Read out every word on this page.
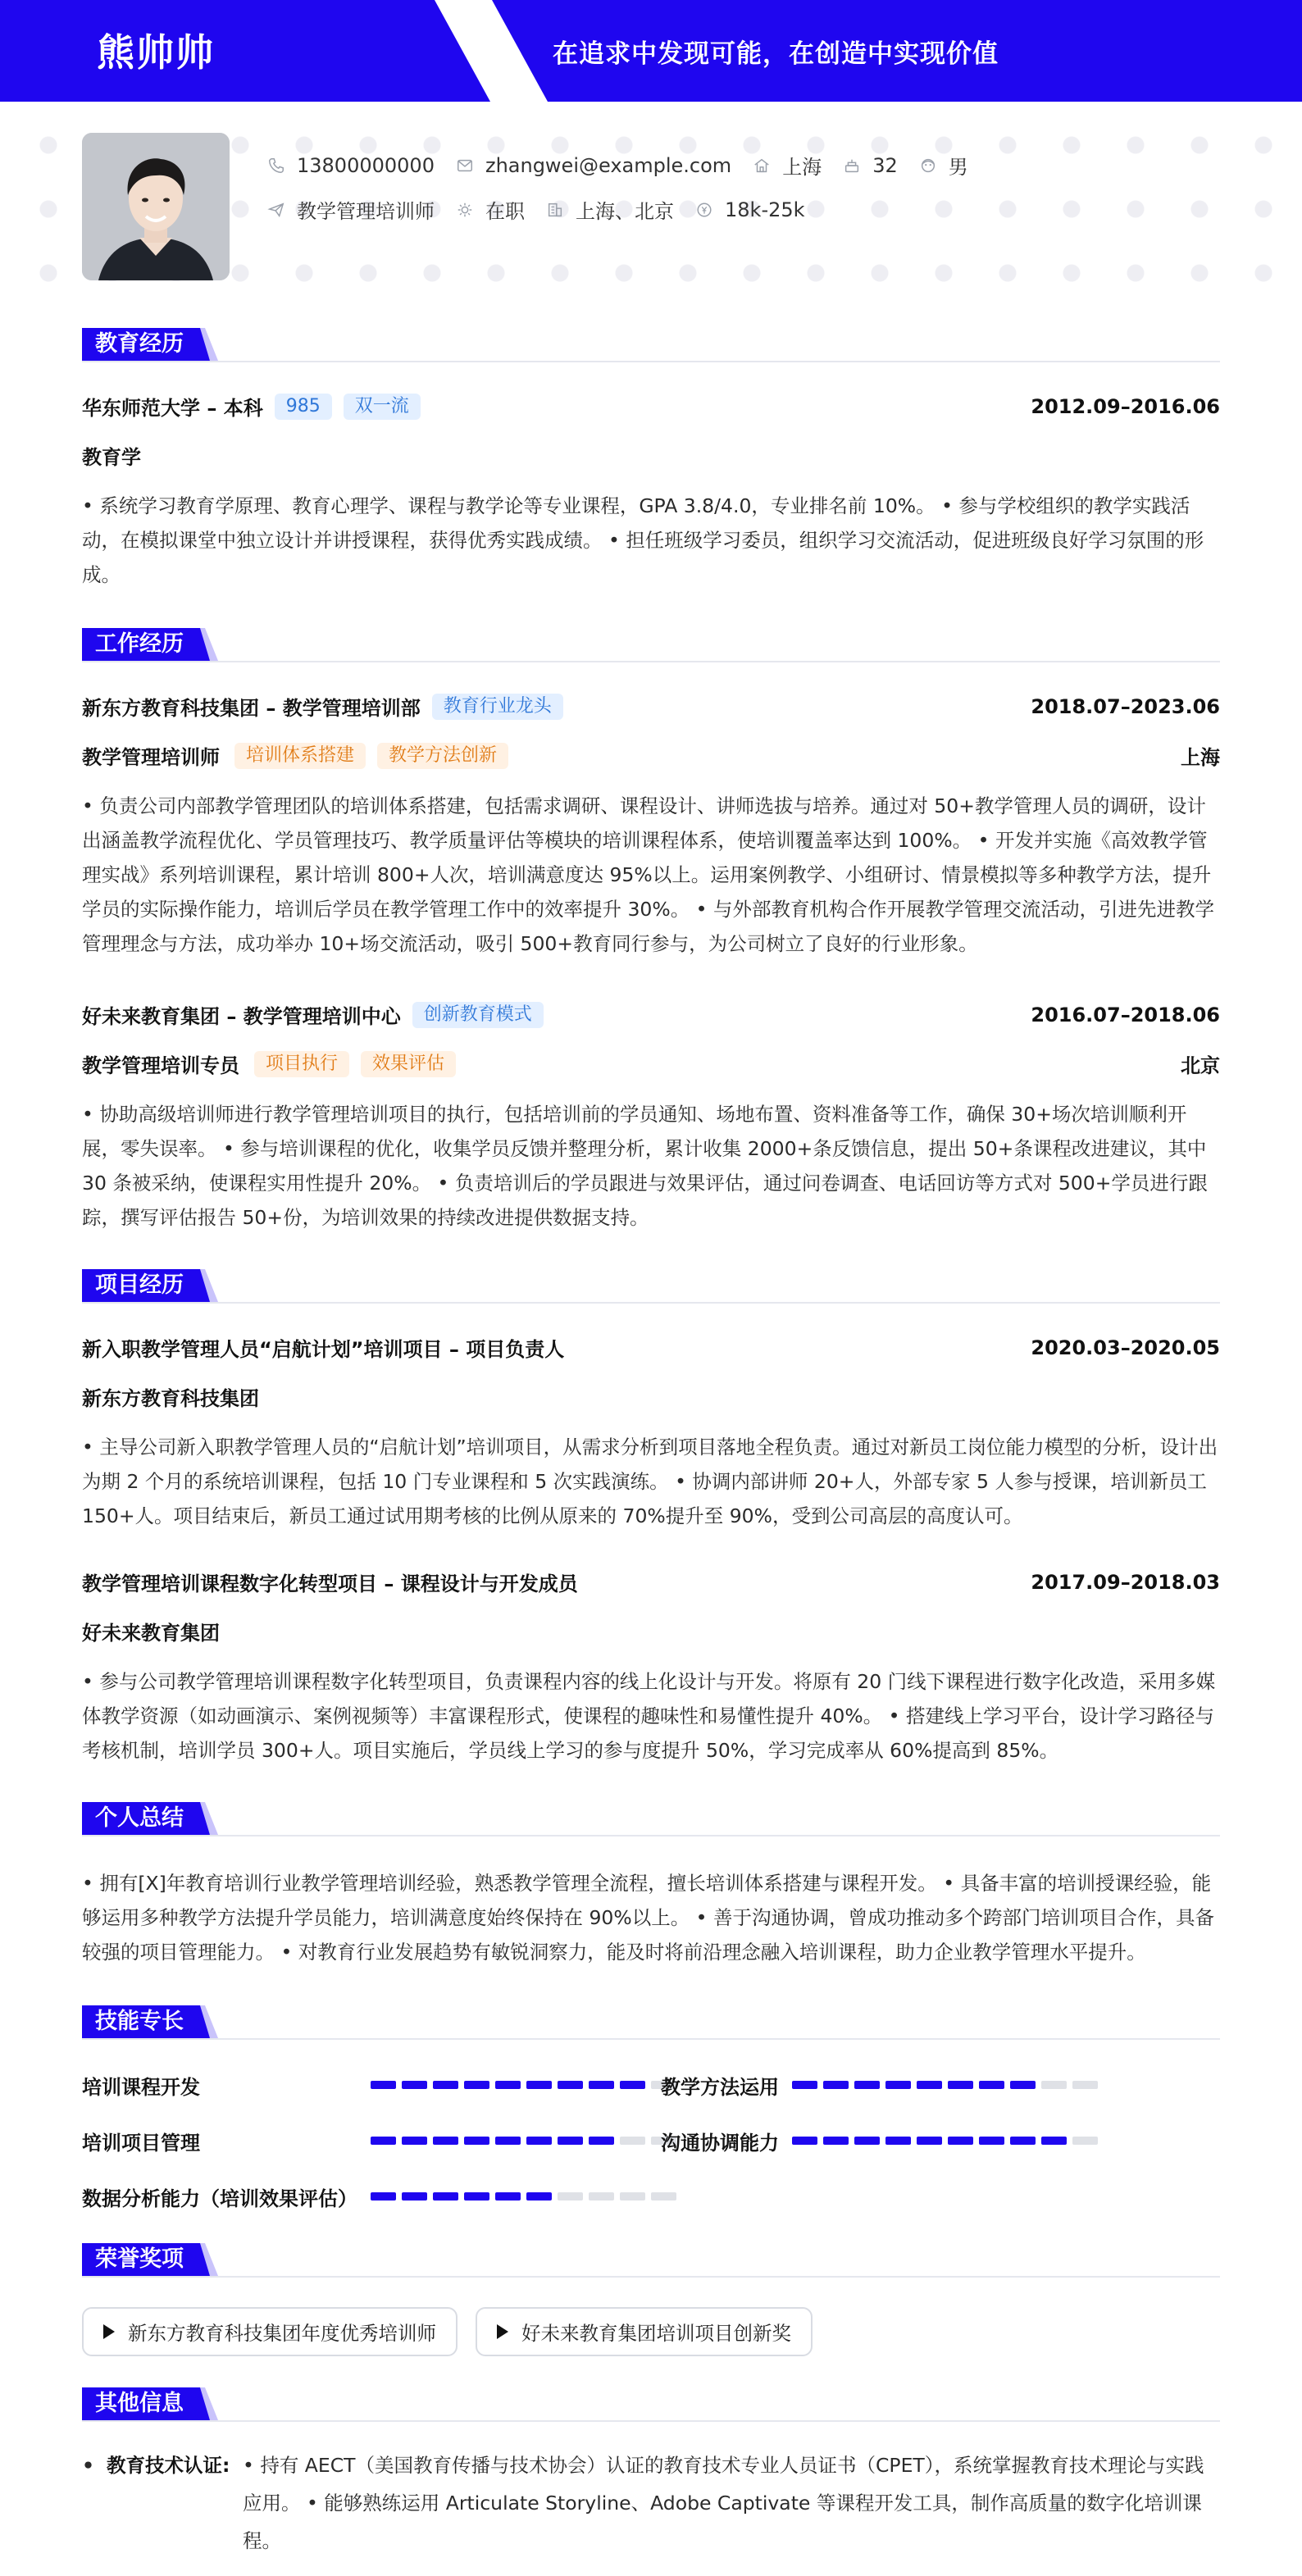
熊帅帅	在追求中发现可能，在创造中实现价值
13800000000	zhangwei@example.com	上海	32	男
教学管理培训师	在职	上海、北京	18k-25k
教育经历
华东师范大学 – 本科	985	双一流	2012.09–2016.06
教育学
• 系统学习教育学原理、教育心理学、课程与教学论等专业课程，GPA 3.8/4.0，专业排名前 10%。 • 参与学校组织的教学实践活动，在模拟课堂中独立设计并讲授课程，获得优秀实践成绩。 • 担任班级学习委员，组织学习交流活动，促进班级良好学习氛围的形成。
工作经历
新东方教育科技集团 – 教学管理培训部	教育行业龙头	2018.07–2023.06
教学管理培训师	培训体系搭建	教学方法创新	上海
• 负责公司内部教学管理团队的培训体系搭建，包括需求调研、课程设计、讲师选拔与培养。通过对 50+教学管理人员的调研，设计出涵盖教学流程优化、学员管理技巧、教学质量评估等模块的培训课程体系，使培训覆盖率达到 100%。 • 开发并实施《高效教学管理实战》系列培训课程，累计培训 800+人次，培训满意度达 95%以上。运用案例教学、小组研讨、情景模拟等多种教学方法，提升学员的实际操作能力，培训后学员在教学管理工作中的效率提升 30%。 • 与外部教育机构合作开展教学管理交流活动，引进先进教学管理理念与方法，成功举办 10+场交流活动，吸引 500+教育同行参与，为公司树立了良好的行业形象。
好未来教育集团 – 教学管理培训中心	创新教育模式	2016.07–2018.06
教学管理培训专员	项目执行	效果评估	北京
• 协助高级培训师进行教学管理培训项目的执行，包括培训前的学员通知、场地布置、资料准备等工作，确保 30+场次培训顺利开展，零失误率。 • 参与培训课程的优化，收集学员反馈并整理分析，累计收集 2000+条反馈信息，提出 50+条课程改进建议，其中 30 条被采纳，使课程实用性提升 20%。 • 负责培训后的学员跟进与效果评估，通过问卷调查、电话回访等方式对 500+学员进行跟踪，撰写评估报告 50+份，为培训效果的持续改进提供数据支持。
项目经历
新入职教学管理人员“启航计划”培训项目 – 项目负责人	2020.03–2020.05
新东方教育科技集团
• 主导公司新入职教学管理人员的“启航计划”培训项目，从需求分析到项目落地全程负责。通过对新员工岗位能力模型的分析，设计出为期 2 个月的系统培训课程，包括 10 门专业课程和 5 次实践演练。 • 协调内部讲师 20+人，外部专家 5 人参与授课，培训新员工 150+人。项目结束后，新员工通过试用期考核的比例从原来的 70%提升至 90%，受到公司高层的高度认可。
教学管理培训课程数字化转型项目 – 课程设计与开发成员	2017.09–2018.03
好未来教育集团
• 参与公司教学管理培训课程数字化转型项目，负责课程内容的线上化设计与开发。将原有 20 门线下课程进行数字化改造，采用多媒体教学资源（如动画演示、案例视频等）丰富课程形式，使课程的趣味性和易懂性提升 40%。 • 搭建线上学习平台，设计学习路径与考核机制，培训学员 300+人。项目实施后，学员线上学习的参与度提升 50%，学习完成率从 60%提高到 85%。
个人总结
• 拥有[X]年教育培训行业教学管理培训经验，熟悉教学管理全流程，擅长培训体系搭建与课程开发。 • 具备丰富的培训授课经验，能够运用多种教学方法提升学员能力，培训满意度始终保持在 90%以上。 • 善于沟通协调，曾成功推动多个跨部门培训项目合作，具备较强的项目管理能力。 • 对教育行业发展趋势有敏锐洞察力，能及时将前沿理念融入培训课程，助力企业教学管理水平提升。
技能专长
培训课程开发	教学方法运用
培训项目管理	沟通协调能力
数据分析能力（培训效果评估）
荣誉奖项
新东方教育科技集团年度优秀培训师	好未来教育集团培训项目创新奖
其他信息
• 教育技术认证: • 持有 AECT（美国教育传播与技术协会）认证的教育技术专业人员证书（CPET），系统掌握教育技术理论与实践应用。 • 能够熟练运用 Articulate Storyline、Adobe Captivate 等课程开发工具，制作高质量的数字化培训课程。
